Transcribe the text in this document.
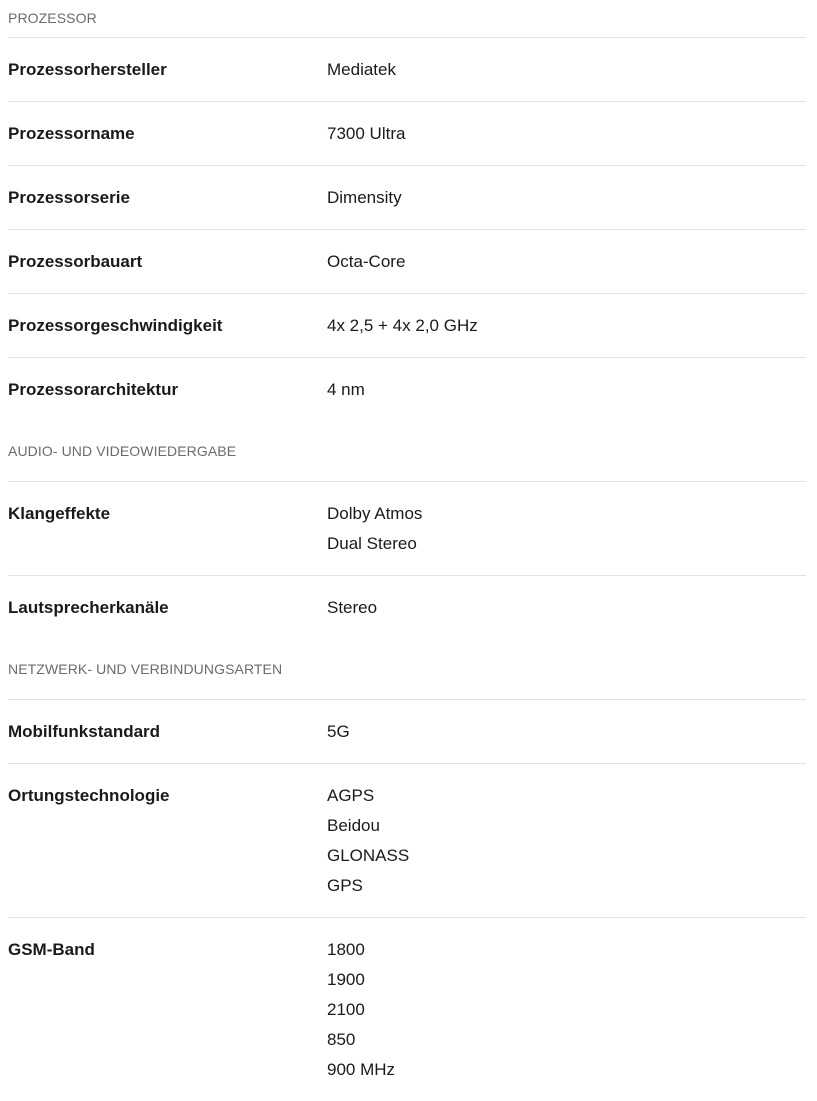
PROZESSOR
Prozessorhersteller	Mediatek
Prozessorname	7300 Ultra
Prozessorserie	Dimensity
Prozessorbauart	Octa-Core
Prozessorgeschwindigkeit	4x 2,5 + 4x 2,0 GHz
Prozessorarchitektur	4 nm
AUDIO- UND VIDEOWIEDERGABE
Klangeffekte	Dolby Atmos
Dual Stereo
Lautsprecherkanäle	Stereo
NETZWERK- UND VERBINDUNGSARTEN
Mobilfunkstandard	5G
Ortungstechnologie	AGPS
Beidou
GLONASS
GPS
GSM-Band	1800
1900
2100
850
900 MHz
